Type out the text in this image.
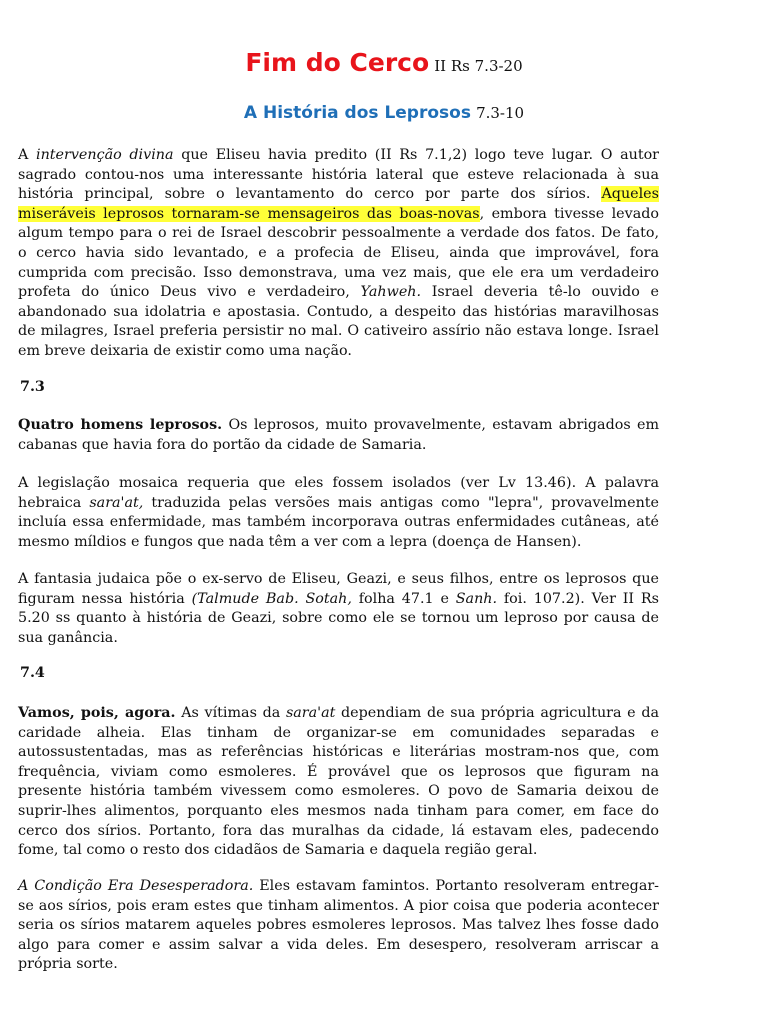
Fim do Cerco II Rs 7.3-20
A História dos Leprosos 7.3-10

A intervenção divina que Eliseu havia predito (II Rs 7.1,2) logo teve lugar. O autor sagrado contou-nos uma interessante história lateral que esteve relacionada à sua história principal, sobre o levantamento do cerco por parte dos sírios. Aqueles miseráveis leprosos tornaram-se mensageiros das boas-novas, embora tivesse levado algum tempo para o rei de Israel descobrir pessoalmente a verdade dos fatos. De fato, o cerco havia sido levantado, e a profecia de Eliseu, ainda que improvável, fora cumprida com precisão. Isso demonstrava, uma vez mais, que ele era um verdadeiro profeta do único Deus vivo e verdadeiro, Yahweh. Israel deveria tê-lo ouvido e abandonado sua idolatria e apostasia. Contudo, a despeito das histórias maravilhosas de milagres, Israel preferia persistir no mal. O cativeiro assírio não estava longe. Israel em breve deixaria de existir como uma nação.

7.3

Quatro homens leprosos. Os leprosos, muito provavelmente, estavam abrigados em cabanas que havia fora do portão da cidade de Samaria.

A legislação mosaica requeria que eles fossem isolados (ver Lv 13.46). A palavra hebraica sara'at, traduzida pelas versões mais antigas como "lepra", provavelmente incluía essa enfermidade, mas também incorporava outras enfermidades cutâneas, até mesmo míldios e fungos que nada têm a ver com a lepra (doença de Hansen).

A fantasia judaica põe o ex-servo de Eliseu, Geazi, e seus filhos, entre os leprosos que figuram nessa história (Talmude Bab. Sotah, folha 47.1 e Sanh. foi. 107.2). Ver II Rs 5.20 ss quanto à história de Geazi, sobre como ele se tornou um leproso por causa de sua ganância.

7.4

Vamos, pois, agora. As vítimas da sara'at dependiam de sua própria agricultura e da caridade alheia. Elas tinham de organizar-se em comunidades separadas e autossustentadas, mas as referências históricas e literárias mostram-nos que, com frequência, viviam como esmoleres. É provável que os leprosos que figuram na presente história também vivessem como esmoleres. O povo de Samaria deixou de suprir-lhes alimentos, porquanto eles mesmos nada tinham para comer, em face do cerco dos sírios. Portanto, fora das muralhas da cidade, lá estavam eles, padecendo fome, tal como o resto dos cidadãos de Samaria e daquela região geral.

A Condição Era Desesperadora. Eles estavam famintos. Portanto resolveram entregar-se aos sírios, pois eram estes que tinham alimentos. A pior coisa que poderia acontecer seria os sírios matarem aqueles pobres esmoleres leprosos. Mas talvez lhes fosse dado algo para comer e assim salvar a vida deles. Em desespero, resolveram arriscar a própria sorte.
